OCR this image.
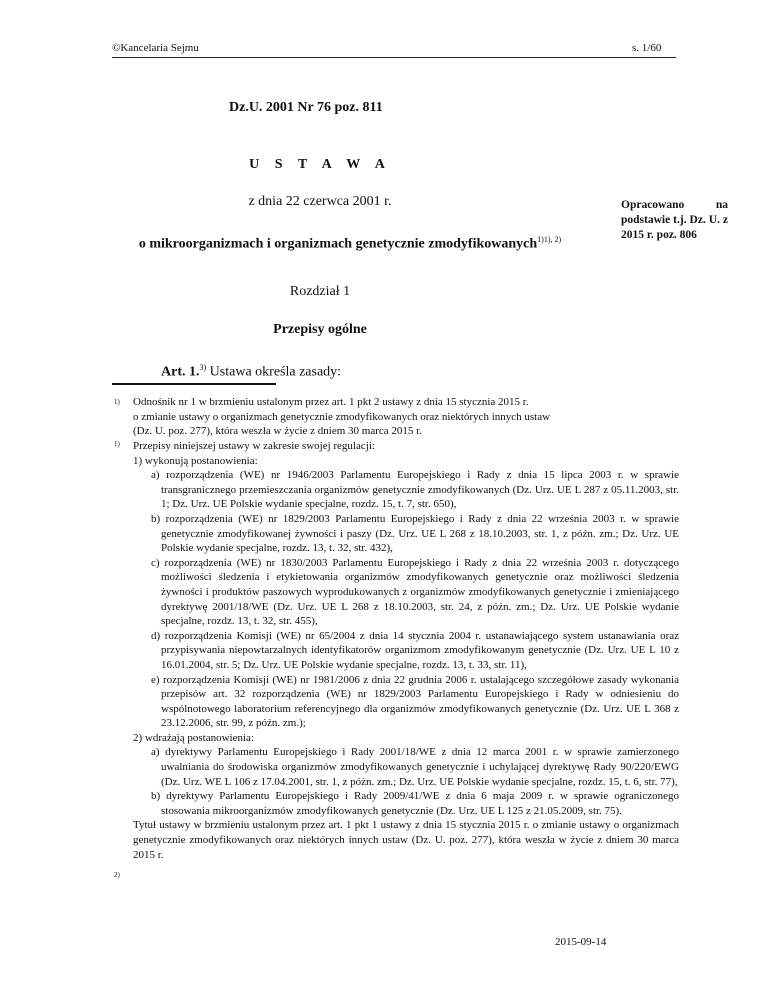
©Kancelaria Sejmu	s. 1/60
Dz.U. 2001 Nr 76 poz. 811
U S T A W A
z dnia 22 czerwca 2001 r.
o mikroorganizmach i organizmach genetycznie zmodyfikowanych$^{1)1), 2)}$
Rozdział 1
Przepisy ogólne
Art. 1.$^{3)}$ Ustawa określa zasady:
Opracowano na podstawie t.j. Dz. U. z 2015 r. poz. 806
1)
1)
2)

Odnośnik nr 1 w brzmieniu ustalonym przez art. 1 pkt 2 ustawy z dnia 15 stycznia 2015 r.

o zmianie ustawy o organizmach genetycznie zmodyfikowanych oraz niektórych innych ustaw

(Dz. U. poz. 277), która weszła w życie z dniem 30 marca 2015 r.

Przepisy niniejszej ustawy w zakresie swojej regulacji:

1) wykonują postanowienia:

a) rozporządzenia (WE) nr 1946/2003 Parlamentu Europejskiego i Rady z dnia 15 lipca 2003 r. w sprawie transgranicznego przemieszczania organizmów genetycznie zmodyfikowanych (Dz. Urz. UE L 287 z 05.11.2003, str. 1; Dz. Urz. UE Polskie wydanie specjalne, rozdz. 15, t. 7, str. 650),

b) rozporządzenia (WE) nr 1829/2003 Parlamentu Europejskiego i Rady z dnia 22 września 2003 r. w sprawie genetycznie zmodyfikowanej żywności i paszy (Dz. Urz. UE L 268 z 18.10.2003, str. 1, z późn. zm.; Dz. Urz. UE Polskie wydanie specjalne, rozdz. 13, t. 32, str. 432),

c) rozporządzenia (WE) nr 1830/2003 Parlamentu Europejskiego i Rady z dnia 22 września 2003 r. dotyczącego możliwości śledzenia i etykietowania organizmów zmodyfikowanych genetycznie oraz możliwości śledzenia żywności i produktów paszowych wyprodukowanych z organizmów zmodyfikowanych genetycznie i zmieniającego dyrektywę 2001/18/WE (Dz. Urz. UE L 268 z 18.10.2003, str. 24, z późn. zm.; Dz. Urz. UE Polskie wydanie specjalne, rozdz. 13, t. 32, str. 455),

d) rozporządzenia Komisji (WE) nr 65/2004 z dnia 14 stycznia 2004 r. ustanawiającego system ustanawiania oraz przypisywania niepowtarzalnych identyfikatorów organizmom zmodyfikowanym genetycznie (Dz. Urz. UE L 10 z 16.01.2004, str. 5; Dz. Urz. UE Polskie wydanie specjalne, rozdz. 13, t. 33, str. 11),

e) rozporządzenia Komisji (WE) nr 1981/2006 z dnia 22 grudnia 2006 r. ustalającego szczegółowe zasady wykonania przepisów art. 32 rozporządzenia (WE) nr 1829/2003 Parlamentu Europejskiego i Rady w odniesieniu do wspólnotowego laboratorium referencyjnego dla organizmów zmodyfikowanych genetycznie (Dz. Urz. UE L 368 z 23.12.2006, str. 99, z późn. zm.);

2) wdrażają postanowienia:

a) dyrektywy Parlamentu Europejskiego i Rady 2001/18/WE z dnia 12 marca 2001 r. w sprawie zamierzonego uwalniania do środowiska organizmów zmodyfikowanych genetycznie i uchylającej dyrektywę Rady 90/220/EWG (Dz. Urz. WE L 106 z 17.04.2001, str. 1, z późn. zm.; Dz. Urz. UE Polskie wydanie specjalne, rozdz. 15, t. 6, str. 77),

b) dyrektywy Parlamentu Europejskiego i Rady 2009/41/WE z dnia 6 maja 2009 r. w sprawie ograniczonego stosowania mikroorganizmów zmodyfikowanych genetycznie (Dz. Urz. UE L 125 z 21.05.2009, str. 75).

Tytuł ustawy w brzmieniu ustalonym przez art. 1 pkt 1 ustawy z dnia 15 stycznia 2015 r. o zmianie ustawy o organizmach genetycznie zmodyfikowanych oraz niektórych innych ustaw (Dz. U. poz. 277), która weszła w życie z dniem 30 marca 2015 r.

2015-09-14
